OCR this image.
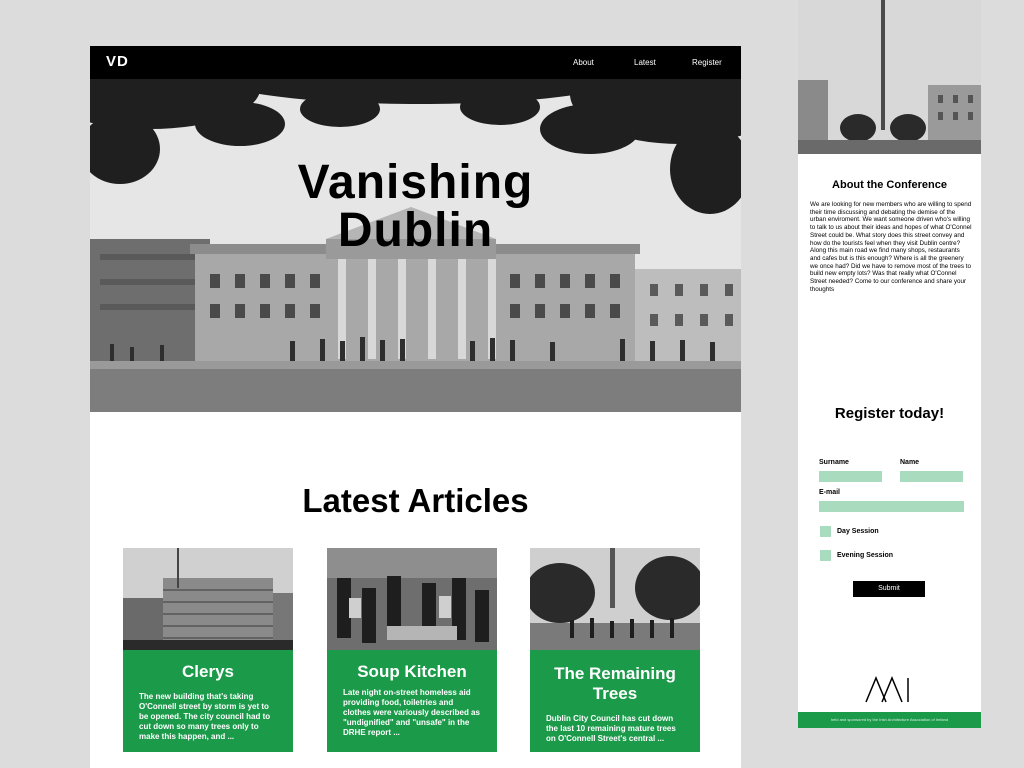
VD	About	Latest	Register
Vanishing
Dublin
Latest Articles
Clerys
The new building that's taking O'Connell street by storm is yet to be opened. The city council had to cut down so many trees only to make this happen, and ...
Soup Kitchen
Late night on-street homeless aid providing food, toiletries and clothes were variously described as "undignified" and "unsafe" in the DRHE report ...
The Remaining
Trees
Dublin City Council has cut down the last 10 remaining mature trees on O'Connell Street's central ...
About the Conference
We are looking for new members who are willing to spend their time discussing and debating the demise of the urban enviroment. We want someone driven who's willing to talk to us about their ideas and hopes of what O'Connel Street could be. What story does this street convey and how do the tourists feel when they visit Dublin centre? Along this main road we find many shops, restaurants and cafes but is this enough? Where is all the greenery we once had? Did we have to remove most of the trees to build new empty lots? Was that really what O'Connel Street needed? Come to our conference and share your thoughts
Register today!
Surname	Name
E-mail
Day Session
Evening Session
Submit
held and sponsored by the Irish Architecture Association of Ireland
